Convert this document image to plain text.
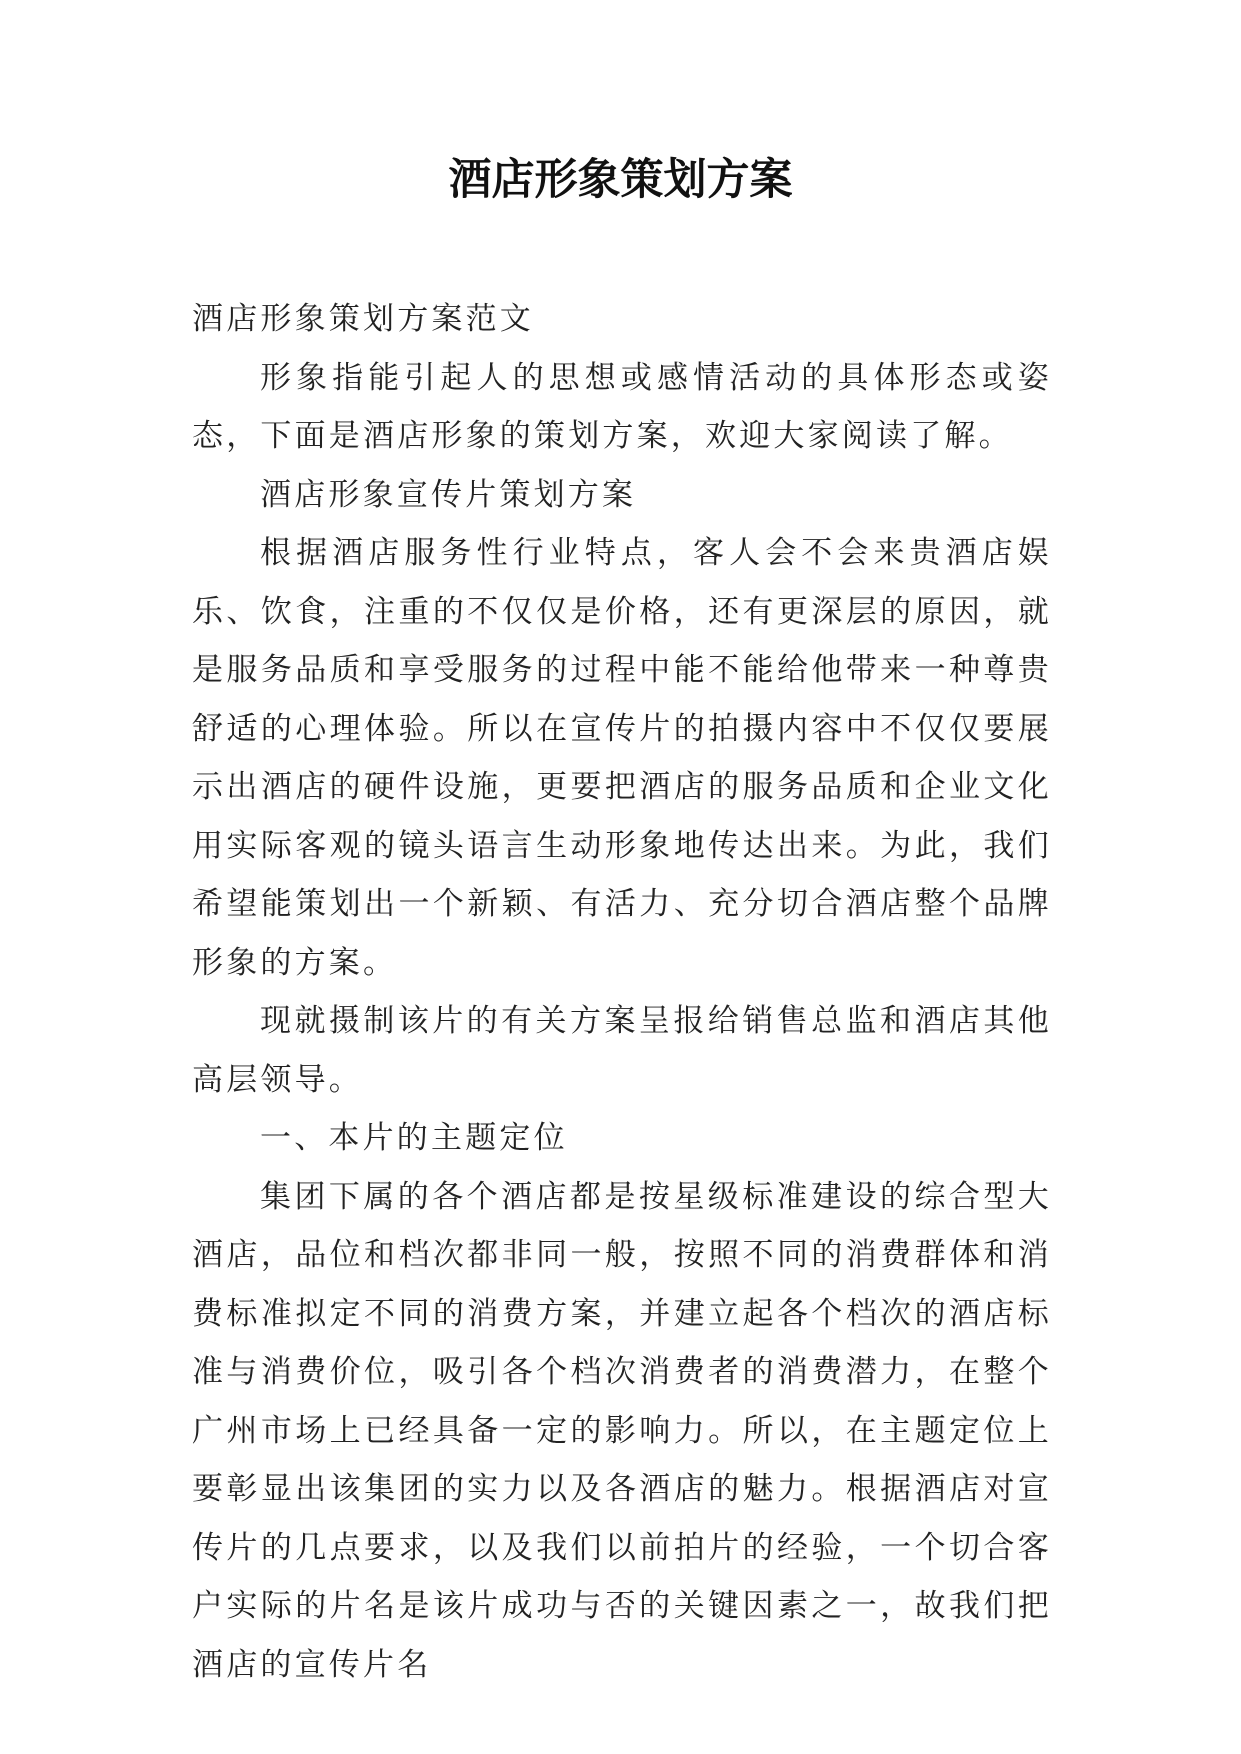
酒店形象策划方案

酒店形象策划方案范文

形象指能引起人的思想或感情活动的具体形态或姿态，下面是酒店形象的策划方案，欢迎大家阅读了解。

酒店形象宣传片策划方案

根据酒店服务性行业特点，客人会不会来贵酒店娱乐、饮食，注重的不仅仅是价格，还有更深层的原因，就是服务品质和享受服务的过程中能不能给他带来一种尊贵舒适的心理体验。所以在宣传片的拍摄内容中不仅仅要展示出酒店的硬件设施，更要把酒店的服务品质和企业文化用实际客观的镜头语言生动形象地传达出来。为此，我们希望能策划出一个新颖、有活力、充分切合酒店整个品牌形象的方案。

现就摄制该片的有关方案呈报给销售总监和酒店其他高层领导。

一、本片的主题定位

集团下属的各个酒店都是按星级标准建设的综合型大酒店，品位和档次都非同一般，按照不同的消费群体和消费标准拟定不同的消费方案，并建立起各个档次的酒店标准与消费价位，吸引各个档次消费者的消费潜力，在整个广州市场上已经具备一定的影响力。所以，在主题定位上要彰显出该集团的实力以及各酒店的魅力。根据酒店对宣传片的几点要求，以及我们以前拍片的经验，一个切合客户实际的片名是该片成功与否的关键因素之一，故我们把酒店的宣传片名
